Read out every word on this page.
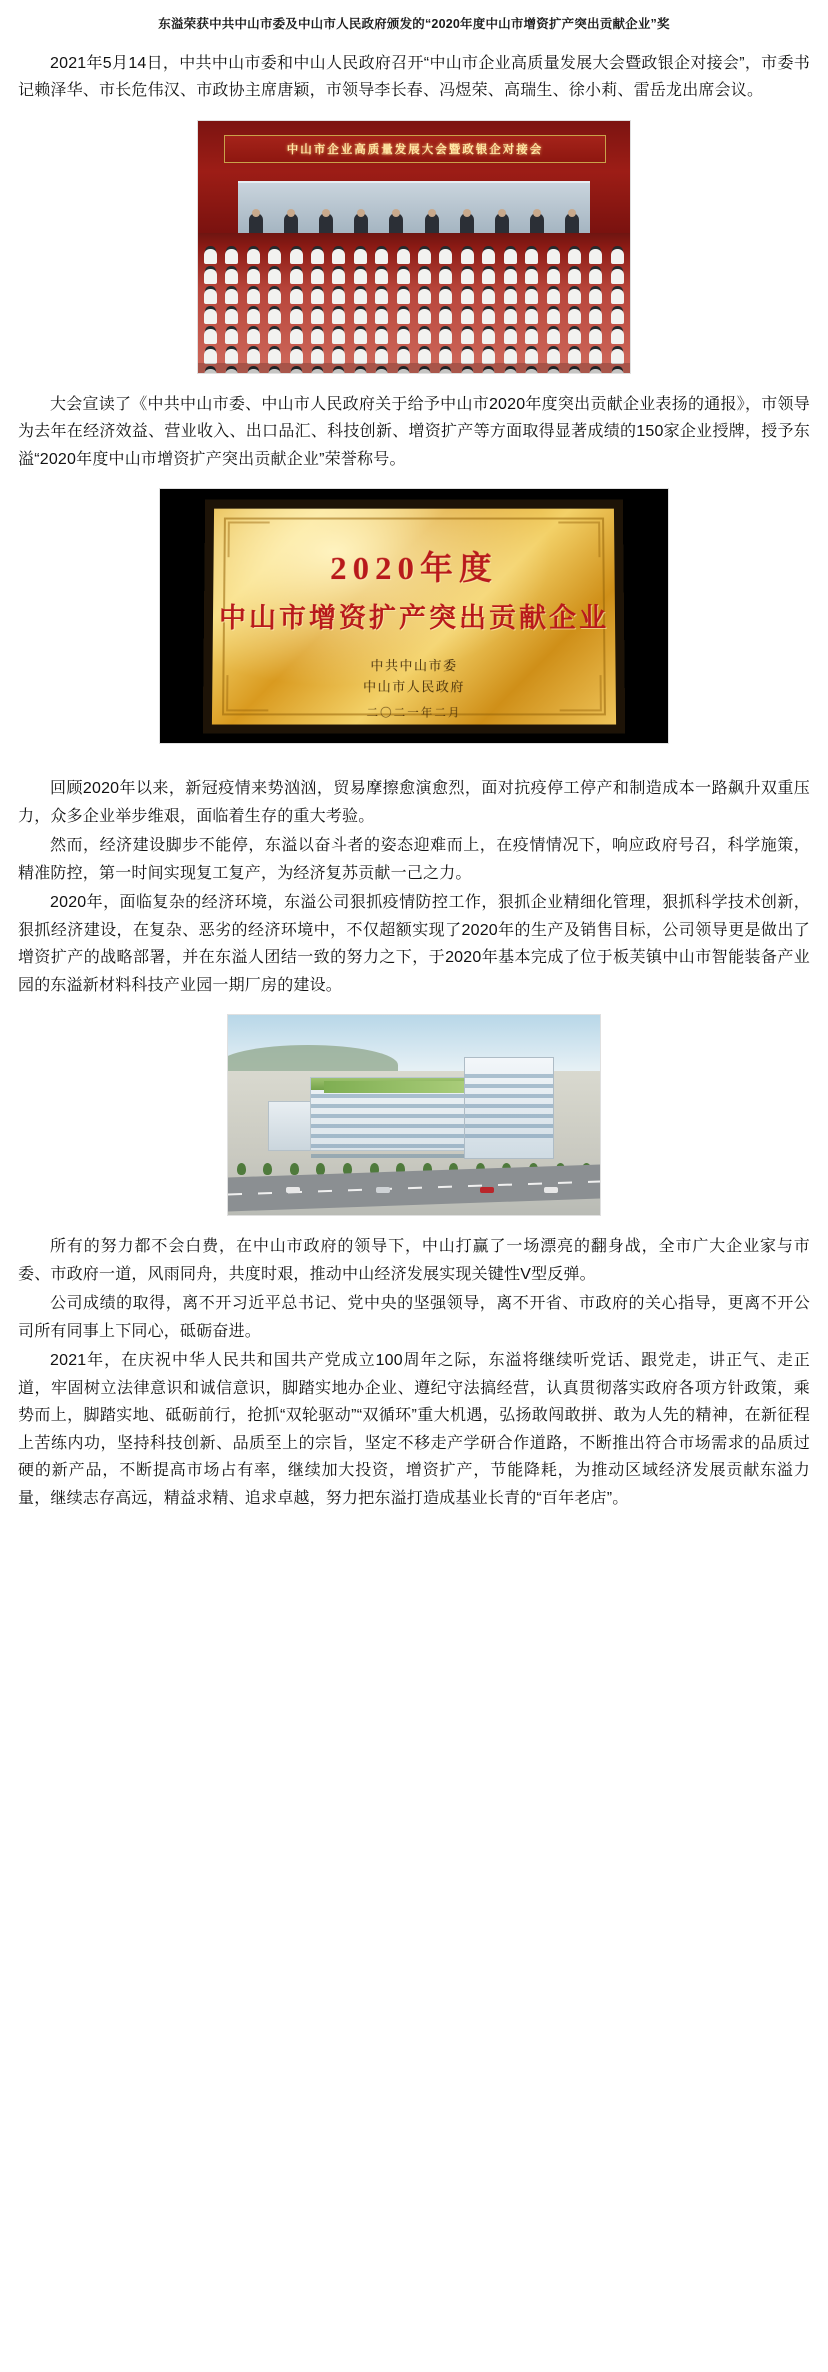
东溢荣获中共中山市委及中山市人民政府颁发的“2020年度中山市增资扩产突出贡献企业”奖

2021年5月14日，中共中山市委和中山人民政府召开“中山市企业高质量发展大会暨政银企对接会”，市委书记赖泽华、市长危伟汉、市政协主席唐颖，市领导李长春、冯煜荣、高瑞生、徐小莉、雷岳龙出席会议。

中山市企业高质量发展大会暨政银企对接会

大会宣读了《中共中山市委、中山市人民政府关于给予中山市2020年度突出贡献企业表扬的通报》，市领导为去年在经济效益、营业收入、出口品汇、科技创新、增资扩产等方面取得显著成绩的150家企业授牌，授予东溢“2020年度中山市增资扩产突出贡献企业”荣誉称号。

2020年度
中山市增资扩产突出贡献企业
中共中山市委
中山市人民政府
二〇二一年二月

回顾2020年以来，新冠疫情来势汹汹，贸易摩擦愈演愈烈，面对抗疫停工停产和制造成本一路飙升双重压力，众多企业举步维艰，面临着生存的重大考验。

然而，经济建设脚步不能停，东溢以奋斗者的姿态迎难而上，在疫情情况下，响应政府号召，科学施策，精准防控，第一时间实现复工复产，为经济复苏贡献一己之力。

2020年，面临复杂的经济环境，东溢公司狠抓疫情防控工作，狠抓企业精细化管理，狠抓科学技术创新，狠抓经济建设，在复杂、恶劣的经济环境中，不仅超额实现了2020年的生产及销售目标，公司领导更是做出了增资扩产的战略部署，并在东溢人团结一致的努力之下，于2020年基本完成了位于板芙镇中山市智能装备产业园的东溢新材料科技产业园一期厂房的建设。

所有的努力都不会白费，在中山市政府的领导下，中山打赢了一场漂亮的翻身战，全市广大企业家与市委、市政府一道，风雨同舟，共度时艰，推动中山经济发展实现关键性V型反弹。

公司成绩的取得，离不开习近平总书记、党中央的坚强领导，离不开省、市政府的关心指导，更离不开公司所有同事上下同心，砥砺奋进。

2021年，在庆祝中华人民共和国共产党成立100周年之际，东溢将继续听党话、跟党走，讲正气、走正道，牢固树立法律意识和诚信意识，脚踏实地办企业、遵纪守法搞经营，认真贯彻落实政府各项方针政策，乘势而上，脚踏实地、砥砺前行，抢抓“双轮驱动”“双循环”重大机遇，弘扬敢闯敢拼、敢为人先的精神，在新征程上苦练内功，坚持科技创新、品质至上的宗旨，坚定不移走产学研合作道路，不断推出符合市场需求的品质过硬的新产品，不断提高市场占有率，继续加大投资，增资扩产，节能降耗，为推动区域经济发展贡献东溢力量，继续志存高远，精益求精、追求卓越，努力把东溢打造成基业长青的“百年老店”。
